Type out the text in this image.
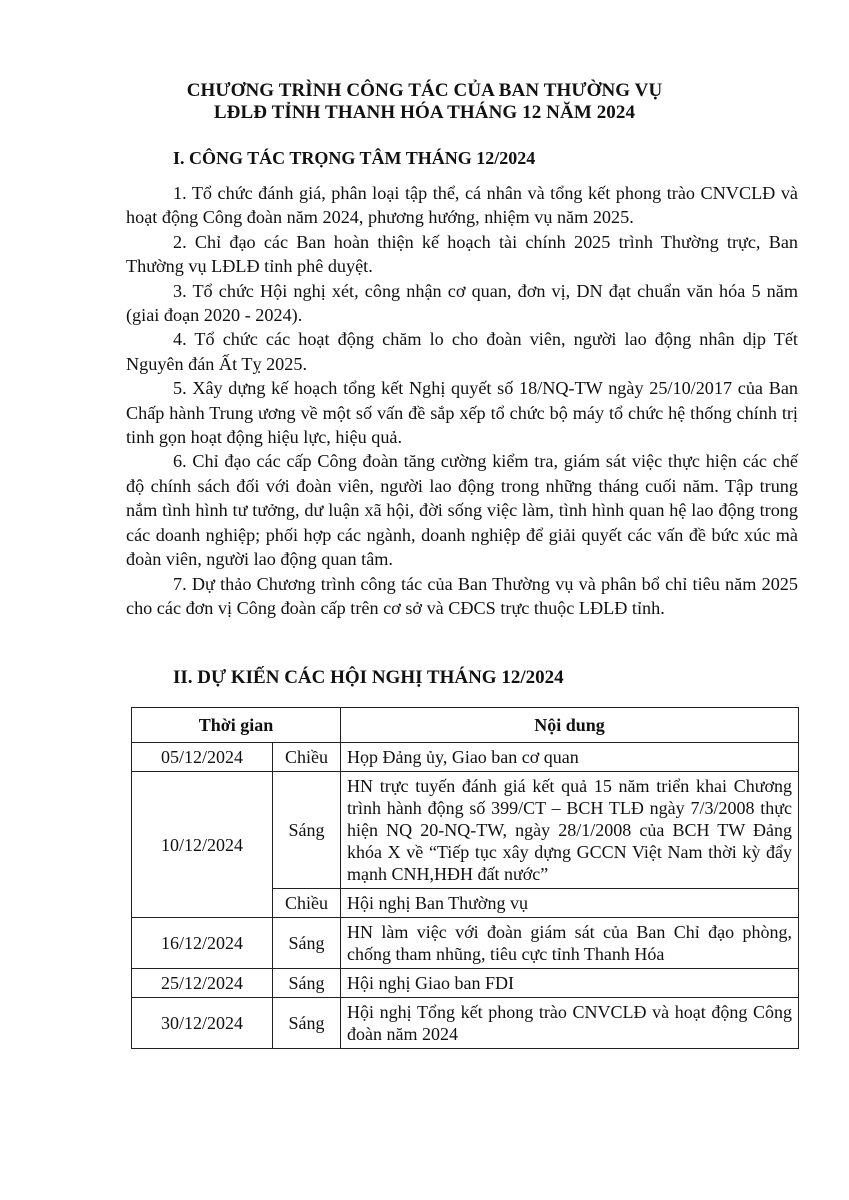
CHƯƠNG TRÌNH CÔNG TÁC CỦA BAN THƯỜNG VỤ
LĐLĐ TỈNH THANH HÓA THÁNG 12 NĂM 2024
I. CÔNG TÁC TRỌNG TÂM THÁNG 12/2024

1. Tổ chức đánh giá, phân loại tập thể, cá nhân và tổng kết phong trào CNVCLĐ và hoạt động Công đoàn năm 2024, phương hướng, nhiệm vụ năm 2025.

2. Chỉ đạo các Ban hoàn thiện kế hoạch tài chính 2025 trình Thường trực, Ban Thường vụ LĐLĐ tỉnh phê duyệt.

3. Tổ chức Hội nghị xét, công nhận cơ quan, đơn vị, DN đạt chuẩn văn hóa 5 năm (giai đoạn 2020 - 2024).

4. Tổ chức các hoạt động chăm lo cho đoàn viên, người lao động nhân dịp Tết Nguyên đán Ất Tỵ 2025.

5. Xây dựng kế hoạch tổng kết Nghị quyết số 18/NQ-TW ngày 25/10/2017 của Ban Chấp hành Trung ương về một số vấn đề sắp xếp tổ chức bộ máy tổ chức hệ thống chính trị tinh gọn hoạt động hiệu lực, hiệu quả.

6. Chỉ đạo các cấp Công đoàn tăng cường kiểm tra, giám sát việc thực hiện các chế độ chính sách đối với đoàn viên, người lao động trong những tháng cuối năm. Tập trung nắm tình hình tư tưởng, dư luận xã hội, đời sống việc làm, tình hình quan hệ lao động trong các doanh nghiệp; phối hợp các ngành, doanh nghiệp để giải quyết các vấn đề bức xúc mà đoàn viên, người lao động quan tâm.

7. Dự thảo Chương trình công tác của Ban Thường vụ và phân bổ chỉ tiêu năm 2025 cho các đơn vị Công đoàn cấp trên cơ sở và CĐCS trực thuộc LĐLĐ tỉnh.

II. DỰ KIẾN CÁC HỘI NGHỊ THÁNG 12/2024
Thời gian		Nội dung
05/12/2024	Chiều	Họp Đảng ủy, Giao ban cơ quan
10/12/2024	Sáng	HN trực tuyến đánh giá kết quả 15 năm triển khai Chương trình hành động số 399/CT – BCH TLĐ ngày 7/3/2008 thực hiện NQ 20-NQ-TW, ngày 28/1/2008 của BCH TW Đảng khóa X về “Tiếp tục xây dựng GCCN Việt Nam thời kỳ đẩy mạnh CNH,HĐH đất nước”
	Chiều	Hội nghị Ban Thường vụ
16/12/2024	Sáng	HN làm việc với đoàn giám sát của Ban Chỉ đạo phòng, chống tham nhũng, tiêu cực tỉnh Thanh Hóa
25/12/2024	Sáng	Hội nghị Giao ban FDI
30/12/2024	Sáng	Hội nghị Tổng kết phong trào CNVCLĐ và hoạt động Công đoàn năm 2024
